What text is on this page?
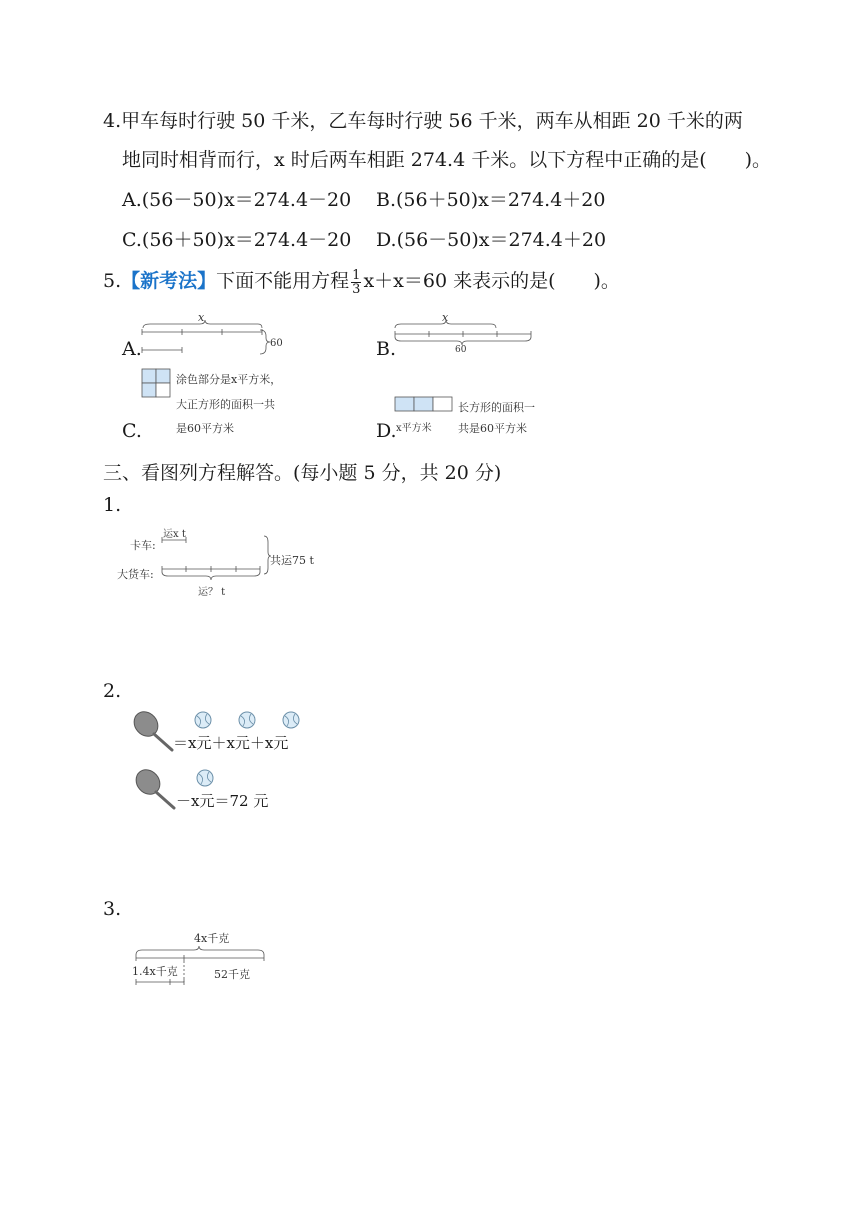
4.甲车每时行驶 50 千米，乙车每时行驶 56 千米，两车从相距 20 千米的两
地同时相背而行，x 时后两车相距 274.4 千米。以下方程中正确的是(　　)。
A.(56－50)x＝274.4－20 B.(56＋50)x＝274.4＋20
C.(56＋50)x＝274.4－20 D.(56－50)x＝274.4＋20
5.【新考法】下面不能用方程 $\frac{1}{3} x+x=60$ 来表示的是(　　)。
A.
x
60	B.
x
60
C.
涂色部分是x平方米，
大正方形的面积一共
是60平方米	D. x平方米
长方形的面积一
共是60平方米
三、看图列方程解答。(每小题 5 分，共 20 分)
1.
卡车:
大货车:
运x t
共运75 t
运？ t
2.
＝x元＋x元＋x元
－x元＝72 元
3.
4x千克
1.4x千克	52千克
